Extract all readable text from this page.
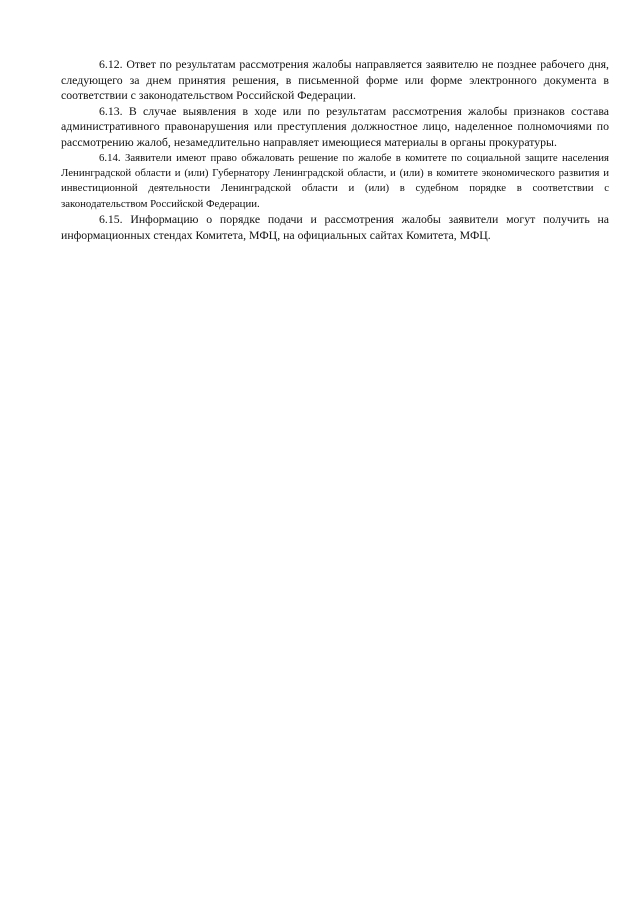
6.12. Ответ по результатам рассмотрения жалобы направляется заявителю не позднее рабочего дня, следующего за днем принятия решения, в письменной форме или форме электронного документа в соответствии с законодательством Российской Федерации.

6.13. В случае выявления в ходе или по результатам рассмотрения жалобы признаков состава административного правонарушения или преступления должностное лицо, наделенное полномочиями по рассмотрению жалоб, незамедлительно направляет имеющиеся материалы в органы прокуратуры.

6.14. Заявители имеют право обжаловать решение по жалобе в комитете по социальной защите населения Ленинградской области и (или) Губернатору Ленинградской области, и (или) в комитете экономического развития и инвестиционной деятельности Ленинградской области и (или) в судебном порядке в соответствии с законодательством Российской Федерации.

6.15. Информацию о порядке подачи и рассмотрения жалобы заявители могут получить на информационных стендах Комитета, МФЦ, на официальных сайтах Комитета, МФЦ.
